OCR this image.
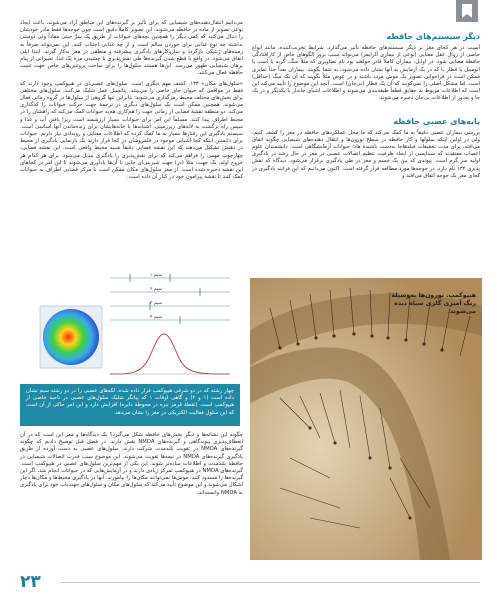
دیگر سیستم‌های حافظه

آسیب در هر کجای مغز بر دیگر سیستم‌های حافظه تأثیر می‌گذارد. شرایط تخریب‌کننده، مانند انواع خاصی از زوال عقل معنایی (نوعی از بیماری آلزایمر) می‌تواند سبب بروز الگوهای خاص از کارافتادگی حافظهٔ معنایی شود. در اوایل، بیماران کاملاً قادر خواهند بود نام تصاویری که مثلاً سگ، گربه یا اسب یا اتومبیل یا قطار یا که در یک آزمایش به آنها نشان داده می‌شود، به شما بگویند. بیماران بعداً جداً تمایزی ممکن است در فراخوانی تصویر یک موش مردد باشند و در عوض مثلاً بگویند که آن یک سگ (حداقل) است. اما مشکل اصلی را نمی‌کوبند که آن یک قطار (بی‌جان) است. آنچه این موضوع را تأیید می‌کند این است که اطلاعات مربوط به حقایق قطعاً طبقه‌بندی می‌شوند و اطلاعات اشیای جاندار با یکدیگر و در یک جا و به‌دور از اطلاعات بی‌جان ذخیره می‌شوند.

پایه‌های عصبی حافظه

بررسی بیماران عصبی دقیقاً به ما کمک می‌کند که ما محل عملکردهای حافظه در مغز را کشف کنیم، ولی در اولین اینکه سلولها و کار حافظه در سطح نورون‌ها و انتقال دهنده‌های شیمیایی چگونه اتفاق می‌افتد، برای مدت تحقیقات فیلدهاجا به‌دست باشندهٔ هاد؛ حیوانات آزمایشگاهی است. دانشمندان علوم اعصاب معتقدند که سیناپسی از ایجاد ظرفیت تنظیم اتصالات عصبی در مغز در حال رشد در یادگیری اولیه سر گرم است. پیوندی که بین یک جسم و مغز در طی یادگیری برقرار می‌شود، دیدگاه که نقش پذیری ۱۳۲ نام دارد، در جوجه‌ها مورد مطالعه قرار گرفته است. اکنون می‌دانیم که این فرایند یادگیری در کجای مغز یک جوجه اتفاق می‌افتد و

هیپوکمپ. نورون‌ها به‌وسیلهٔ رنگ آمیزی گلژی سیاه دیده می‌شوند.

می‌دانیم انتقال‌دهنده‌های شیمیایی که برای تأثیر بر گیرنده‌های این مناطق آزاد می‌شوند، باعث ایجاد نوعی تصویر از ماده در حافظه می‌شوند. این تصویر کاملاً دقیق است چون جوجه‌ها فقط مادر خودشان را دنبال می‌کنند که کمی دیگر را همچنین بچه‌های حیوانات از طریق یک سِرْ حیتی مفاداً ولی دوستی بداشته چه نوع غذایی برای خوردن سالم است و از چه غذایی اجتناب کنند. این نمی‌تواند صرفاً به زمینه‌های ژنتیکی بازگردد و سازوکارهای یادگیری پیشرفته و منطقی در مغز به‌کار گیرند. ابتدا ایلی اتفاق می‌شود. در واقع با قطع شدن گیرنده‌ها طی نقش‌پذیری یا چشیدن مزهٔ یک غذا، تغییراتی از پیام برهان شیمیایی ظهور می‌رسد. این‌ها هستند سلول‌ها را برای ساخت پروتئین‌های خاص جهت تثبیت حافظه فعال می‌کنند.

«سلول‌های مکان» ۱۳۳. کشف مهم دیگری است. سلول‌های عصبی‌ای در هیپوکمپ وجود دارند که فقط در مواقعی که حیوان جای خاصی را می‌بینند. پتانسیل عمل شلیک می‌کنند. سلول‌های مختلفی برای بخش‌های مختلف محیط رمزگذاری می‌شوند؛ بنابراین تنها گروهی از سلول‌ها در گروه زمانی فعال می‌شوند. همچنین ممکن است یک سلول‌های دیگری در ترجمهٔ جهت حرکت حیوانات را کدگذاری می‌کند. دو منطقهٔ نقشهٔ فضایی از زمانی جهت را هم‌کاری هم‌به حیوانات کمک می‌کند که راهشان را در محیط اطراف پیدا کنند. مسلماً این امر برای حیوانات بسیار ارزشمند است زیرا یافتن آب و غذا و سپس راه برگشت به لانه‌های زیرزمینی، آشیانه‌ها یا خانه‌هایشان برای زنده‌ماندن آنها اساسی است. سیستم یادگیری این رفتارها بسیار به ما کمک کرده که اطلاعات معنایی و رویدادی نیاز داریم. حیوانات برای دانستن اینکه کجا اشیایی موجود در قلمروشان در کجا قرار دارند یک بازنمایی یادگیری از محیط در ذهنش تشکیل می‌دهند که این نقشه فضایی دقیقاً شبیه محیط واقعی است. این نقشه فضایی، چهارچوب مهمی را فراهم می‌کند که برای نقش‌پذیری را یادگیری تبدیل می‌شود. برای هر کدام هر خروج اوله، یک جهت، مثلاً (در) جهت شیرینی‌ای جایی تا آن‌ها یادآوری می‌شوند تا این امر در کجاهای این نقشه ذخیره شده است. از مغز سلول‌های مکان ممکن است با مرکز فضایی اطراف به حیوانات کمک کنند تا نقشهٔ پیرامون خود در کنار آن داده است.

سیم ۱
سیم ۲
سیم ۳
سیم ۴
چهار رشته که در دو شرقی هیپوکمپ قرار داده شده. لکه‌های عصبی را در دو رشته سیم نشان داده است (۱ و ۲) و گاهی اوقات ۱ که پیانگر شلیک سلول‌های عصبی در ناحیهٔ خاصی از هیپوکمپ است. (نقطهٔ قرمز تیره در محوطهٔ دایره) افزایش دارد و این امر حاکی از آن است که این سلول فعالیت الکتریکی در مغز را نشان می‌دهد.

چگونه این نشانه‌ها و دیگر بخش‌های حافظه شکل می‌گیرد؟ یک دیدگاه‌ها و مغز این است که در آن انعطاف‌پذیری پیوندگاهی و گیرنده‌های NMDA نقش دارند. در فصل قبل توضیح دادیم که چگونه گیرنده‌های NMDA در تقویت بلندمدت شرکت دارند. سلول‌های عصبی به دست آورده از طریق یادگیری گیرنده‌های NMDA در نیمه‌ها تقویت می‌شوند. این موضوع سبب قدرت اتصالات شیمیایی در حافظهٔ بلندمدت و اطلاعات ساده‌تر شوند. این یکی از مهم‌ترین سلول‌های عصبی در هیپوکمپ است. گیرنده‌های NMDA در هیپوکمپ تمرکز زیادی دارند و در آزمایش‌هایی که در حیوانات انجام شد، اگر این گیرنده‌ها را مسدود کنند، موش‌ها نمی‌توانند مکان‌ها را بیاموزند. آنها در یادگیری محیط‌ها و مکان‌ها دچار اشکال می‌شوند و این موضوع تأیید می‌کند که سلول‌های مکان و سلول‌های جهت‌یاب خود برای یادگیری به NMDA وابسته‌اند.

۲۳
